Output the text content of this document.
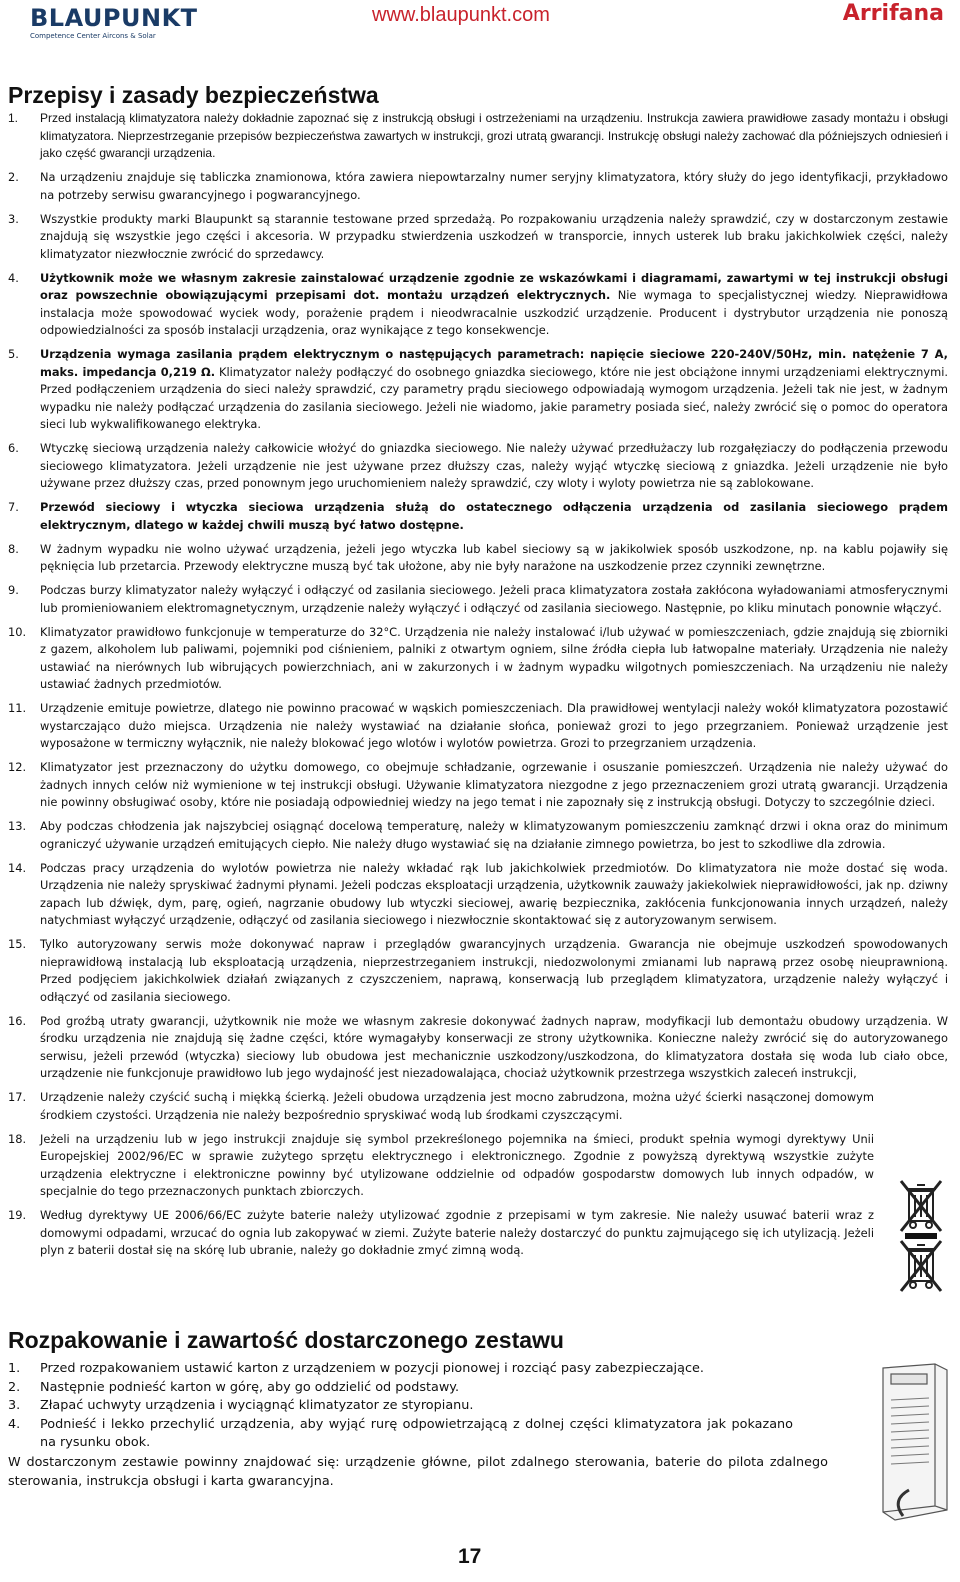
BLAUPUNKT
Competence Center Aircons & Solar
www.blaupunkt.com	Arrifana
Przepisy i zasady bezpieczeństwa
1. Przed instalacją klimatyzatora należy dokładnie zapoznać się z instrukcją obsługi i ostrzeżeniami na urządzeniu. Instrukcja zawiera prawidłowe zasady montażu i obsługi klimatyzatora. Nieprzestrzeganie przepisów bezpieczeństwa zawartych w instrukcji, grozi utratą gwarancji. Instrukcję obsługi należy zachować dla późniejszych odniesień i jako część gwarancji urządzenia.
2. Na urządzeniu znajduje się tabliczka znamionowa, która zawiera niepowtarzalny numer seryjny klimatyzatora, który służy do jego identyfikacji, przykładowo na potrzeby serwisu gwarancyjnego i pogwarancyjnego.
3. Wszystkie produkty marki Blaupunkt są starannie testowane przed sprzedażą. Po rozpakowaniu urządzenia należy sprawdzić, czy w dostarczonym zestawie znajdują się wszystkie jego części i akcesoria. W przypadku stwierdzenia uszkodzeń w transporcie, innych usterek lub braku jakichkolwiek części, należy klimatyzator niezwłocznie zwrócić do sprzedawcy.
4. Użytkownik może we własnym zakresie zainstalować urządzenie zgodnie ze wskazówkami i diagramami, zawartymi w tej instrukcji obsługi oraz powszechnie obowiązującymi przepisami dot. montażu urządzeń elektrycznych. Nie wymaga to specjalistycznej wiedzy. Nieprawidłowa instalacja może spowodować wyciek wody, porażenie prądem i nieodwracalnie uszkodzić urządzenie. Producent i dystrybutor urządzenia nie ponoszą odpowiedzialności za sposób instalacji urządzenia, oraz wynikające z tego konsekwencje.
5. Urządzenia wymaga zasilania prądem elektrycznym o następujących parametrach: napięcie sieciowe 220-240V/50Hz, min. natężenie 7 A, maks. impedancja 0,219 Ω. Klimatyzator należy podłączyć do osobnego gniazdka sieciowego, które nie jest obciążone innymi urządzeniami elektrycznymi. Przed podłączeniem urządzenia do sieci należy sprawdzić, czy parametry prądu sieciowego odpowiadają wymogom urządzenia. Jeżeli tak nie jest, w żadnym wypadku nie należy podłączać urządzenia do zasilania sieciowego. Jeżeli nie wiadomo, jakie parametry posiada sieć, należy zwrócić się o pomoc do operatora sieci lub wykwalifikowanego elektryka.
6. Wtyczkę sieciową urządzenia należy całkowicie włożyć do gniazdka sieciowego. Nie należy używać przedłużaczy lub rozgałęziaczy do podłączenia przewodu sieciowego klimatyzatora. Jeżeli urządzenie nie jest używane przez dłuższy czas, należy wyjąć wtyczkę sieciową z gniazdka. Jeżeli urządzenie nie było używane przez dłuższy czas, przed ponownym jego uruchomieniem należy sprawdzić, czy wloty i wyloty powietrza nie są zablokowane.
7. Przewód sieciowy i wtyczka sieciowa urządzenia służą do ostatecznego odłączenia urządzenia od zasilania sieciowego prądem elektrycznym, dlatego w każdej chwili muszą być łatwo dostępne.
8. W żadnym wypadku nie wolno używać urządzenia, jeżeli jego wtyczka lub kabel sieciowy są w jakikolwiek sposób uszkodzone, np. na kablu pojawiły się pęknięcia lub przetarcia. Przewody elektryczne muszą być tak ułożone, aby nie były narażone na uszkodzenie przez czynniki zewnętrzne.
9. Podczas burzy klimatyzator należy wyłączyć i odłączyć od zasilania sieciowego. Jeżeli praca klimatyzatora została zakłócona wyładowaniami atmosferycznymi lub promieniowaniem elektromagnetycznym, urządzenie należy wyłączyć i odłączyć od zasilania sieciowego. Następnie, po kliku minutach ponownie włączyć.
10. Klimatyzator prawidłowo funkcjonuje w temperaturze do 32°C. Urządzenia nie należy instalować i/lub używać w pomieszczeniach, gdzie znajdują się zbiorniki z gazem, alkoholem lub paliwami, pojemniki pod ciśnieniem, palniki z otwartym ogniem, silne źródła ciepła lub łatwopalne materiały. Urządzenia nie należy ustawiać na nierównych lub wibrujących powierzchniach, ani w zakurzonych i w żadnym wypadku wilgotnych pomieszczeniach. Na urządzeniu nie należy ustawiać żadnych przedmiotów.
11. Urządzenie emituje powietrze, dlatego nie powinno pracować w wąskich pomieszczeniach. Dla prawidłowej wentylacji należy wokół klimatyzatora pozostawić wystarczająco dużo miejsca. Urządzenia nie należy wystawiać na działanie słońca, ponieważ grozi to jego przegrzaniem. Ponieważ urządzenie jest wyposażone w termiczny wyłącznik, nie należy blokować jego wlotów i wylotów powietrza. Grozi to przegrzaniem urządzenia.
12. Klimatyzator jest przeznaczony do użytku domowego, co obejmuje schładzanie, ogrzewanie i osuszanie pomieszczeń. Urządzenia nie należy używać do żadnych innych celów niż wymienione w tej instrukcji obsługi. Używanie klimatyzatora niezgodne z jego przeznaczeniem grozi utratą gwarancji. Urządzenia nie powinny obsługiwać osoby, które nie posiadają odpowiedniej wiedzy na jego temat i nie zapoznały się z instrukcją obsługi. Dotyczy to szczególnie dzieci.
13. Aby podczas chłodzenia jak najszybciej osiągnąć docelową temperaturę, należy w klimatyzowanym pomieszczeniu zamknąć drzwi i okna oraz do minimum ograniczyć używanie urządzeń emitujących ciepło. Nie należy długo wystawiać się na działanie zimnego powietrza, bo jest to szkodliwe dla zdrowia.
14. Podczas pracy urządzenia do wylotów powietrza nie należy wkładać rąk lub jakichkolwiek przedmiotów. Do klimatyzatora nie może dostać się woda. Urządzenia nie należy spryskiwać żadnymi płynami. Jeżeli podczas eksploatacji urządzenia, użytkownik zauważy jakiekolwiek nieprawidłowości, jak np. dziwny zapach lub dźwięk, dym, parę, ogień, nagrzanie obudowy lub wtyczki sieciowej, awarię bezpiecznika, zakłócenia funkcjonowania innych urządzeń, należy natychmiast wyłączyć urządzenie, odłączyć od zasilania sieciowego i niezwłocznie skontaktować się z autoryzowanym serwisem.
15. Tylko autoryzowany serwis może dokonywać napraw i przeglądów gwarancyjnych urządzenia. Gwarancja nie obejmuje uszkodzeń spowodowanych nieprawidłową instalacją lub eksploatacją urządzenia, nieprzestrzeganiem instrukcji, niedozwolonymi zmianami lub naprawą przez osobę nieuprawnioną. Przed podjęciem jakichkolwiek działań związanych z czyszczeniem, naprawą, konserwacją lub przeglądem klimatyzatora, urządzenie należy wyłączyć i odłączyć od zasilania sieciowego.
16. Pod groźbą utraty gwarancji, użytkownik nie może we własnym zakresie dokonywać żadnych napraw, modyfikacji lub demontażu obudowy urządzenia. W środku urządzenia nie znajdują się żadne części, które wymagałyby konserwacji ze strony użytkownika. Konieczne należy zwrócić się do autoryzowanego serwisu, jeżeli przewód (wtyczka) sieciowy lub obudowa jest mechanicznie uszkodzony/uszkodzona, do klimatyzatora dostała się woda lub ciało obce, urządzenie nie funkcjonuje prawidłowo lub jego wydajność jest niezadowalająca, chociaż użytkownik przestrzega wszystkich zaleceń instrukcji,
17. Urządzenie należy czyścić suchą i miękką ścierką. Jeżeli obudowa urządzenia jest mocno zabrudzona, można użyć ścierki nasączonej domowym środkiem czystości. Urządzenia nie należy bezpośrednio spryskiwać wodą lub środkami czyszczącymi.
18. Jeżeli na urządzeniu lub w jego instrukcji znajduje się symbol przekreślonego pojemnika na śmieci, produkt spełnia wymogi dyrektywy Unii Europejskiej 2002/96/EC w sprawie zużytego sprzętu elektrycznego i elektronicznego. Zgodnie z powyższą dyrektywą wszystkie zużyte urządzenia elektryczne i elektroniczne powinny być utylizowane oddzielnie od odpadów gospodarstw domowych lub innych odpadów, w specjalnie do tego przeznaczonych punktach zbiorczych.
19. Według dyrektywy UE 2006/66/EC zużyte baterie należy utylizować zgodnie z przepisami w tym zakresie. Nie należy usuwać baterii wraz z domowymi odpadami, wrzucać do ognia lub zakopywać w ziemi. Zużyte baterie należy dostarczyć do punktu zajmującego się ich utylizacją. Jeżeli plyn z baterii dostał się na skórę lub ubranie, należy go dokładnie zmyć zimną wodą.
Rozpakowanie i zawartość dostarczonego zestawu
1. Przed rozpakowaniem ustawić karton z urządzeniem w pozycji pionowej i rozciąć pasy zabezpieczające.
2. Następnie podnieść karton w górę, aby go oddzielić od podstawy.
3. Złapać uchwyty urządzenia i wyciągnąć klimatyzator ze styropianu.
4. Podnieść i lekko przechylić urządzenia, aby wyjąć rurę odpowietrzającą z dolnej części klimatyzatora jak pokazano na rysunku obok.

W dostarczonym zestawie powinny znajdować się: urządzenie główne, pilot zdalnego sterowania, baterie do pilota zdalnego sterowania, instrukcja obsługi i karta gwarancyjna.

17
